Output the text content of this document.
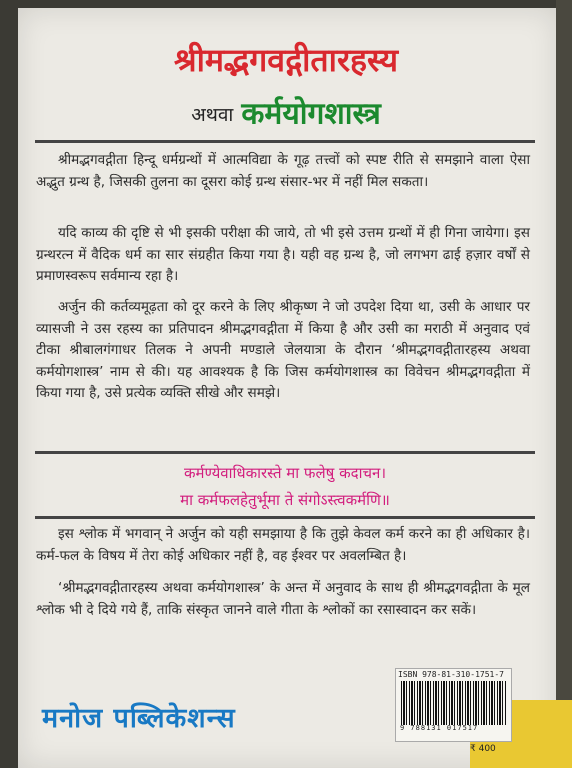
श्रीमद्भगवद्गीतारहस्य
अथवा कर्मयोगशास्त्र
श्रीमद्भगवद्गीता हिन्दू धर्मग्रन्थों में आत्मविद्या के गूढ़ तत्त्वों को स्पष्ट रीति से समझाने वाला ऐसा अद्भुत ग्रन्थ है, जिसकी तुलना का दूसरा कोई ग्रन्थ संसार-भर में नहीं मिल सकता।
यदि काव्य की दृष्टि से भी इसकी परीक्षा की जाये, तो भी इसे उत्तम ग्रन्थों में ही गिना जायेगा। इस ग्रन्थरत्न में वैदिक धर्म का सार संग्रहीत किया गया है। यही वह ग्रन्थ है, जो लगभग ढाई हज़ार वर्षों से प्रमाणस्वरूप सर्वमान्य रहा है।
अर्जुन की कर्तव्यमूढ़ता को दूर करने के लिए श्रीकृष्ण ने जो उपदेश दिया था, उसी के आधार पर व्यासजी ने उस रहस्य का प्रतिपादन श्रीमद्भगवद्गीता में किया है और उसी का मराठी में अनुवाद एवं टीका श्रीबालगंगाधर तिलक ने अपनी मण्डाले जेलयात्रा के दौरान ‘श्रीमद्भगवद्गीतारहस्य अथवा कर्मयोगशास्त्र’ नाम से की। यह आवश्यक है कि जिस कर्मयोगशास्त्र का विवेचन श्रीमद्भगवद्गीता में किया गया है, उसे प्रत्येक व्यक्ति सीखे और समझे।
कर्मण्येवाधिकारस्ते मा फलेषु कदाचन।
मा कर्मफलहेतुर्भूमा ते संगोऽस्त्वकर्मणि॥
इस श्लोक में भगवान् ने अर्जुन को यही समझाया है कि तुझे केवल कर्म करने का ही अधिकार है। कर्म-फल के विषय में तेरा कोई अधिकार नहीं है, वह ईश्वर पर अवलम्बित है।
‘श्रीमद्भगवद्गीतारहस्य अथवा कर्मयोगशास्त्र’ के अन्त में अनुवाद के साथ ही श्रीमद्भगवद्गीता के मूल श्लोक भी दे दिये गये हैं, ताकि संस्कृत जानने वाले गीता के श्लोकों का रसास्वादन कर सकें।
मनोज पब्लिकेशन्स
ISBN 978-81-310-1751-7
9 788131 017517
₹ 400
